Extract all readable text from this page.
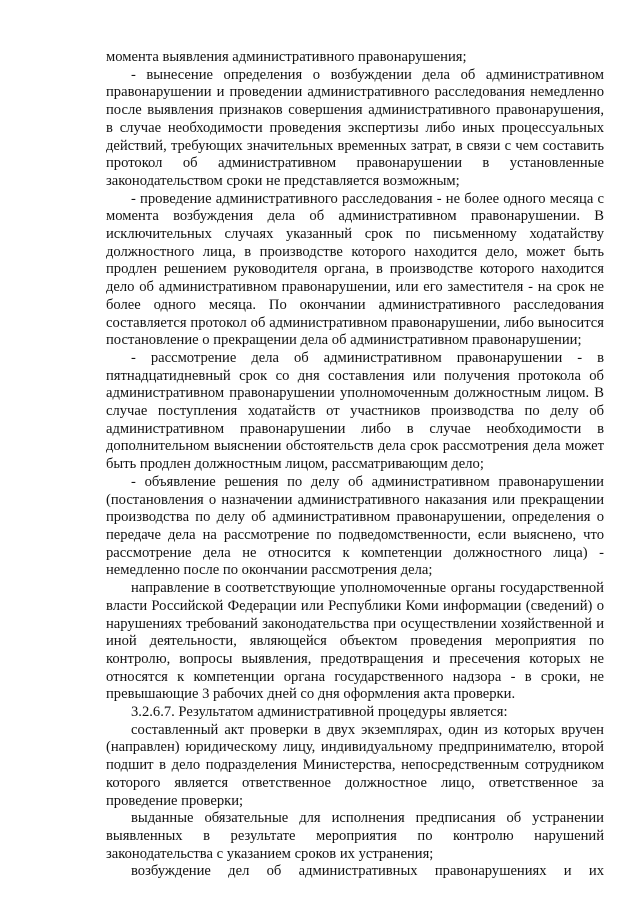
момента выявления административного правонарушения;

- вынесение определения о возбуждении дела об административном правонарушении и проведении административного расследования немедленно после выявления признаков совершения административного правонарушения, в случае необходимости проведения экспертизы либо иных процессуальных действий, требующих значительных временных затрат, в связи с чем составить протокол об административном правонарушении в установленные законодательством сроки не представляется возможным;

- проведение административного расследования - не более одного месяца с момента возбуждения дела об административном правонарушении. В исключительных случаях указанный срок по письменному ходатайству должностного лица, в производстве которого находится дело, может быть продлен решением руководителя органа, в производстве которого находится дело об административном правонарушении, или его заместителя - на срок не более одного месяца. По окончании административного расследования составляется протокол об административном правонарушении, либо выносится постановление о прекращении дела об административном правонарушении;

- рассмотрение дела об административном правонарушении - в пятнадцатидневный срок со дня составления или получения протокола об административном правонарушении уполномоченным должностным лицом. В случае поступления ходатайств от участников производства по делу об административном правонарушении либо в случае необходимости в дополнительном выяснении обстоятельств дела срок рассмотрения дела может быть продлен должностным лицом, рассматривающим дело;

- объявление решения по делу об административном правонарушении (постановления о назначении административного наказания или прекращении производства по делу об административном правонарушении, определения о передаче дела на рассмотрение по подведомственности, если выяснено, что рассмотрение дела не относится к компетенции должностного лица) - немедленно после по окончании рассмотрения дела;

направление в соответствующие уполномоченные органы государственной власти Российской Федерации или Республики Коми информации (сведений) о нарушениях требований законодательства при осуществлении хозяйственной и иной деятельности, являющейся объектом проведения мероприятия по контролю, вопросы выявления, предотвращения и пресечения которых не относятся к компетенции органа государственного надзора - в сроки, не превышающие 3 рабочих дней со дня оформления акта проверки.

3.2.6.7. Результатом административной процедуры является:

составленный акт проверки в двух экземплярах, один из которых вручен (направлен) юридическому лицу, индивидуальному предпринимателю, второй подшит в дело подразделения Министерства, непосредственным сотрудником которого является ответственное должностное лицо, ответственное за проведение проверки;

выданные обязательные для исполнения предписания об устранении выявленных в результате мероприятия по контролю нарушений законодательства с указанием сроков их устранения;

возбуждение дел об административных правонарушениях и их
